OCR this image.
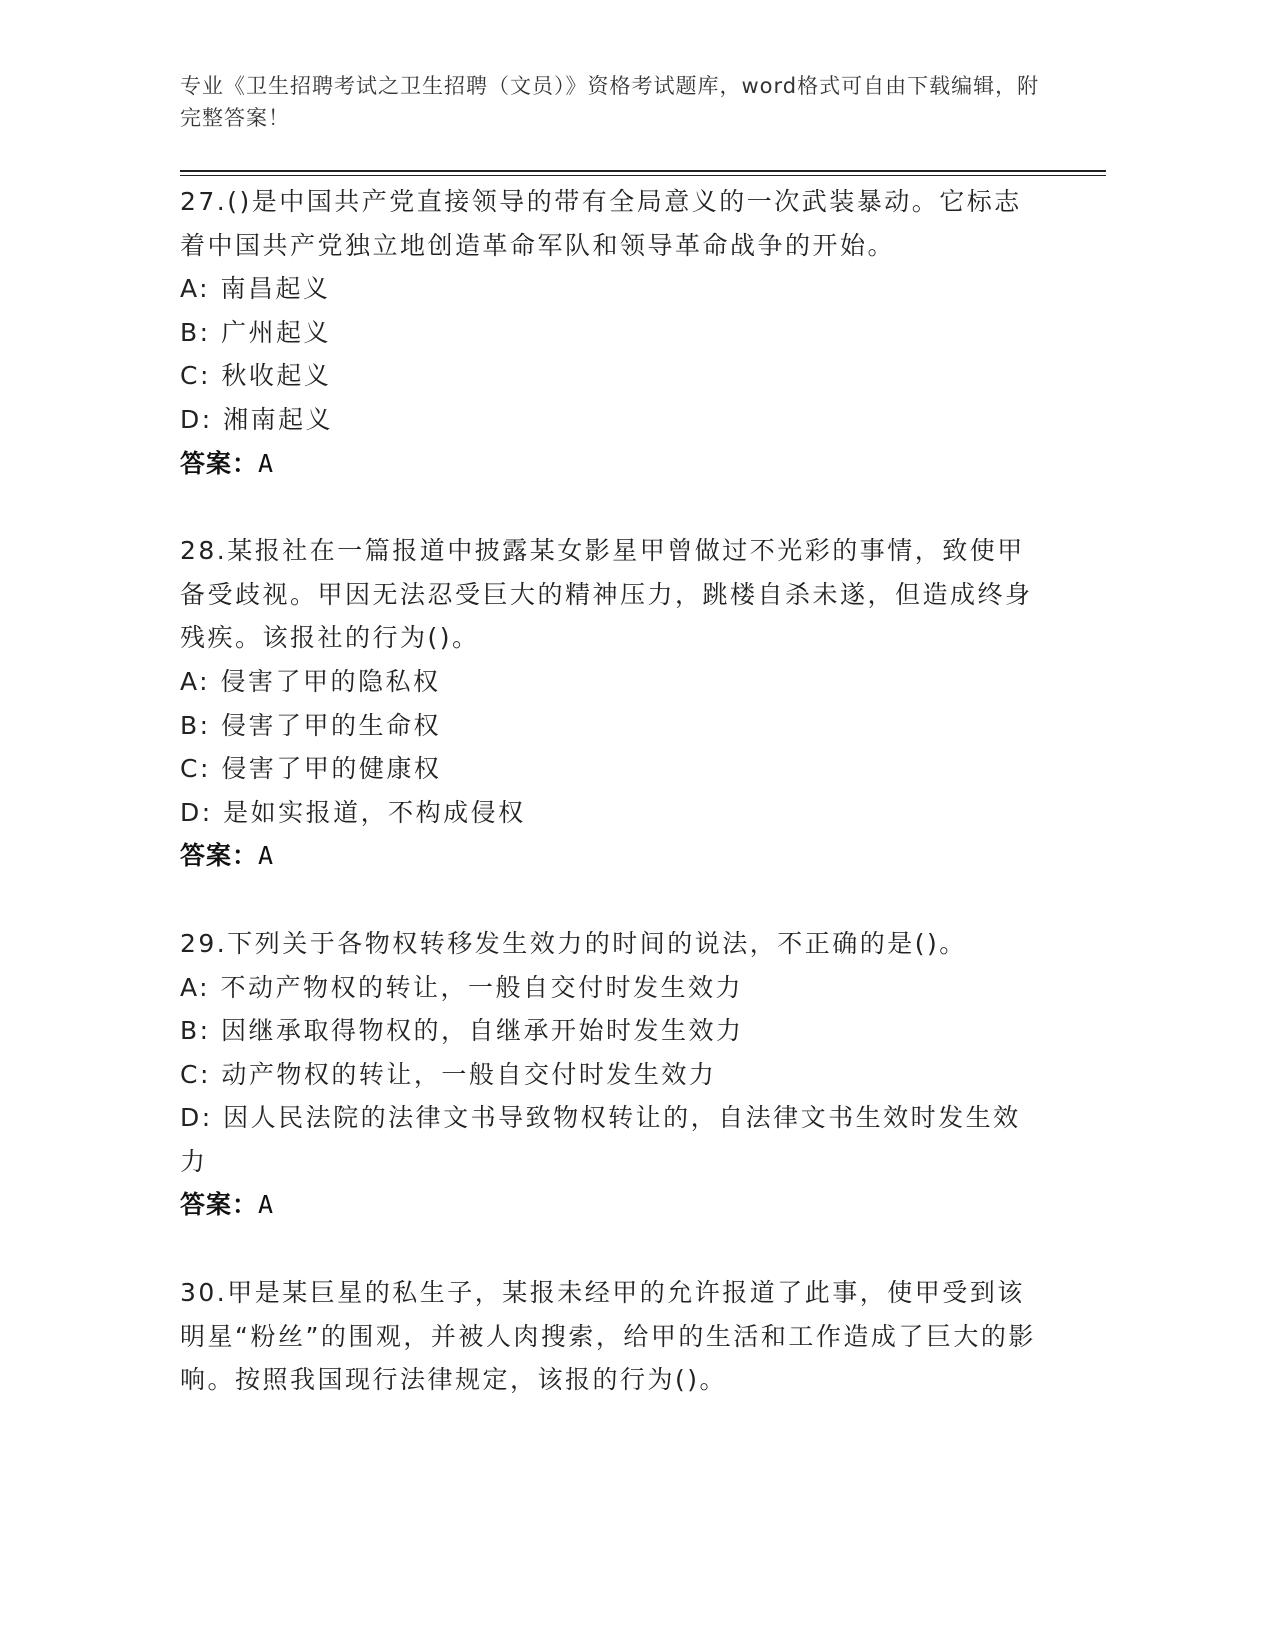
专业《卫生招聘考试之卫生招聘（文员）》资格考试题库，word格式可自由下载编辑，附完整答案！

27.()是中国共产党直接领导的带有全局意义的一次武装暴动。它标志着中国共产党独立地创造革命军队和领导革命战争的开始。

A: 南昌起义

B: 广州起义

C: 秋收起义

D: 湘南起义

答案：A

28.某报社在一篇报道中披露某女影星甲曾做过不光彩的事情，致使甲备受歧视。甲因无法忍受巨大的精神压力，跳楼自杀未遂，但造成终身残疾。该报社的行为()。

A: 侵害了甲的隐私权

B: 侵害了甲的生命权

C: 侵害了甲的健康权

D: 是如实报道，不构成侵权

答案：A

29.下列关于各物权转移发生效力的时间的说法，不正确的是()。

A: 不动产物权的转让，一般自交付时发生效力

B: 因继承取得物权的，自继承开始时发生效力

C: 动产物权的转让，一般自交付时发生效力

D: 因人民法院的法律文书导致物权转让的，自法律文书生效时发生效力

答案：A

30.甲是某巨星的私生子，某报未经甲的允许报道了此事，使甲受到该明星“粉丝”的围观，并被人肉搜索，给甲的生活和工作造成了巨大的影响。按照我国现行法律规定，该报的行为()。
